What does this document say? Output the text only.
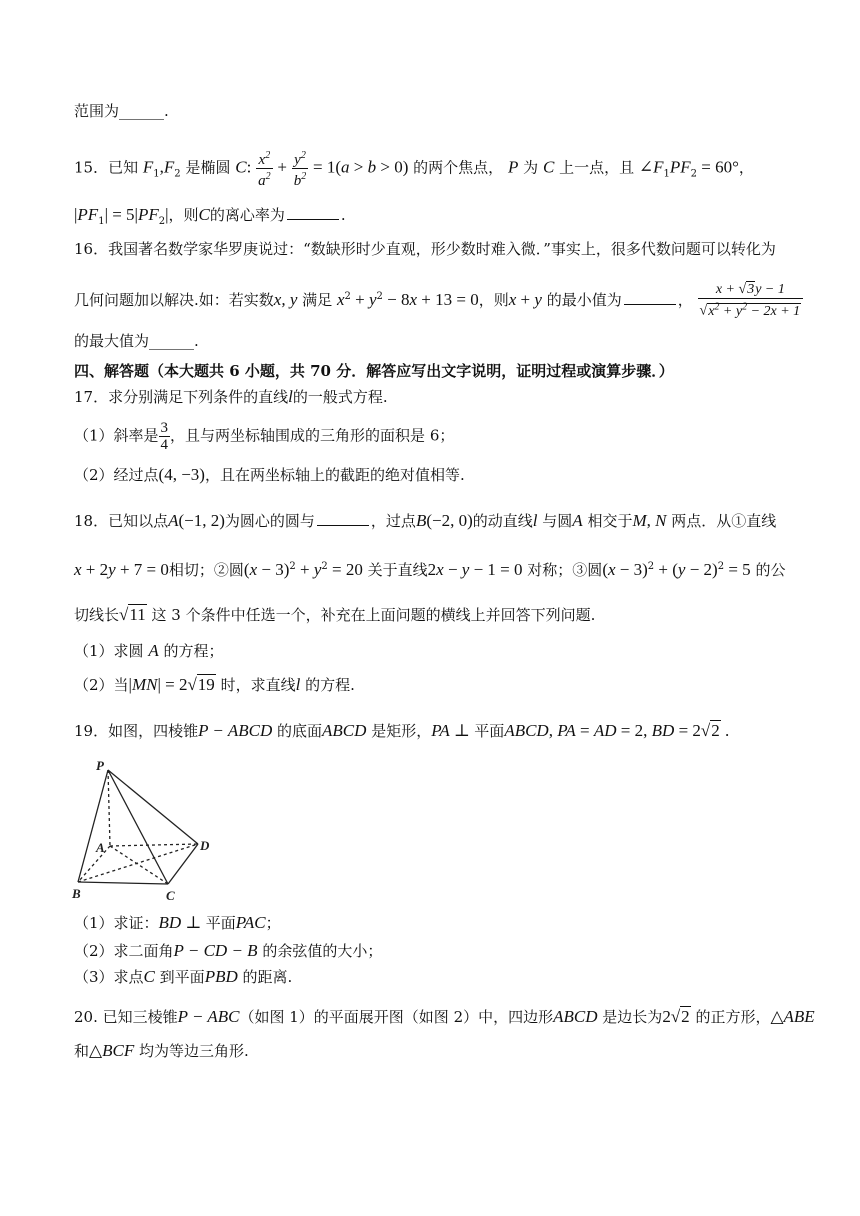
范围为______.
15．已知 $F_1,F_2$ 是椭圆 C: $\frac{x^2}{a^2} + \frac{y^2}{b^2} = 1(a > b > 0)$ 的两个焦点， P 为 C 上一点，且 $\angle F_1PF_2 = 60^\circ$，
$|PF_1| = 5|PF_2|$，则C的离心率为	.
16．我国著名数学家华罗庚说过：“数缺形时少直观，形少数时难入微．”事实上，很多代数问题可以转化为
几何问题加以解决.如：若实数x, y 满足 $x^2 + y^2 - 8x + 13 = 0$，则x + y 的最小值为	， $\frac{x + √3y - 1}{√x^2 + y^2 - 2x + 1}$
的最大值为______.
四、解答题（本大题共 6 小题，共 70 分．解答应写出文字说明，证明过程或演算步骤．）
17．求分别满足下列条件的直线l的一般式方程.
（1）斜率是 $\frac{3}{4}$ ，且与两坐标轴围成的三角形的面积是 6；
（2）经过点(4, −3)，且在两坐标轴上的截距的绝对值相等.
18．已知以点A(−1, 2)为圆心的圆与	，过点B(−2, 0)的动直线l 与圆A 相交于M, N 两点．从①直线
x + 2y + 7 = 0相切；②圆$(x - 3)^2 + y^2 = 20$ 关于直线2x − y − 1 = 0 对称；③圆$(x - 3)^2 + (y - 2)^2 = 5$ 的公
切线长√11 这 3 个条件中任选一个，补充在上面问题的横线上并回答下列问题.
（1）求圆 A 的方程；
（2）当|MN| = 2√19 时，求直线l 的方程.
19．如图，四棱锥P − ABCD 的底面ABCD 是矩形，PA ⊥ 平面ABCD, PA = AD = 2, BD = 2√2 .
P
A
B	C
D
（1）求证：BD ⊥ 平面PAC；
（2）求二面角P − CD − B 的余弦值的大小；
（3）求点C 到平面PBD 的距离.
20. 已知三棱锥P − ABC（如图 1）的平面展开图（如图 2）中，四边形ABCD 是边长为2√2 的正方形，△ABE
和△BCF 均为等边三角形.
